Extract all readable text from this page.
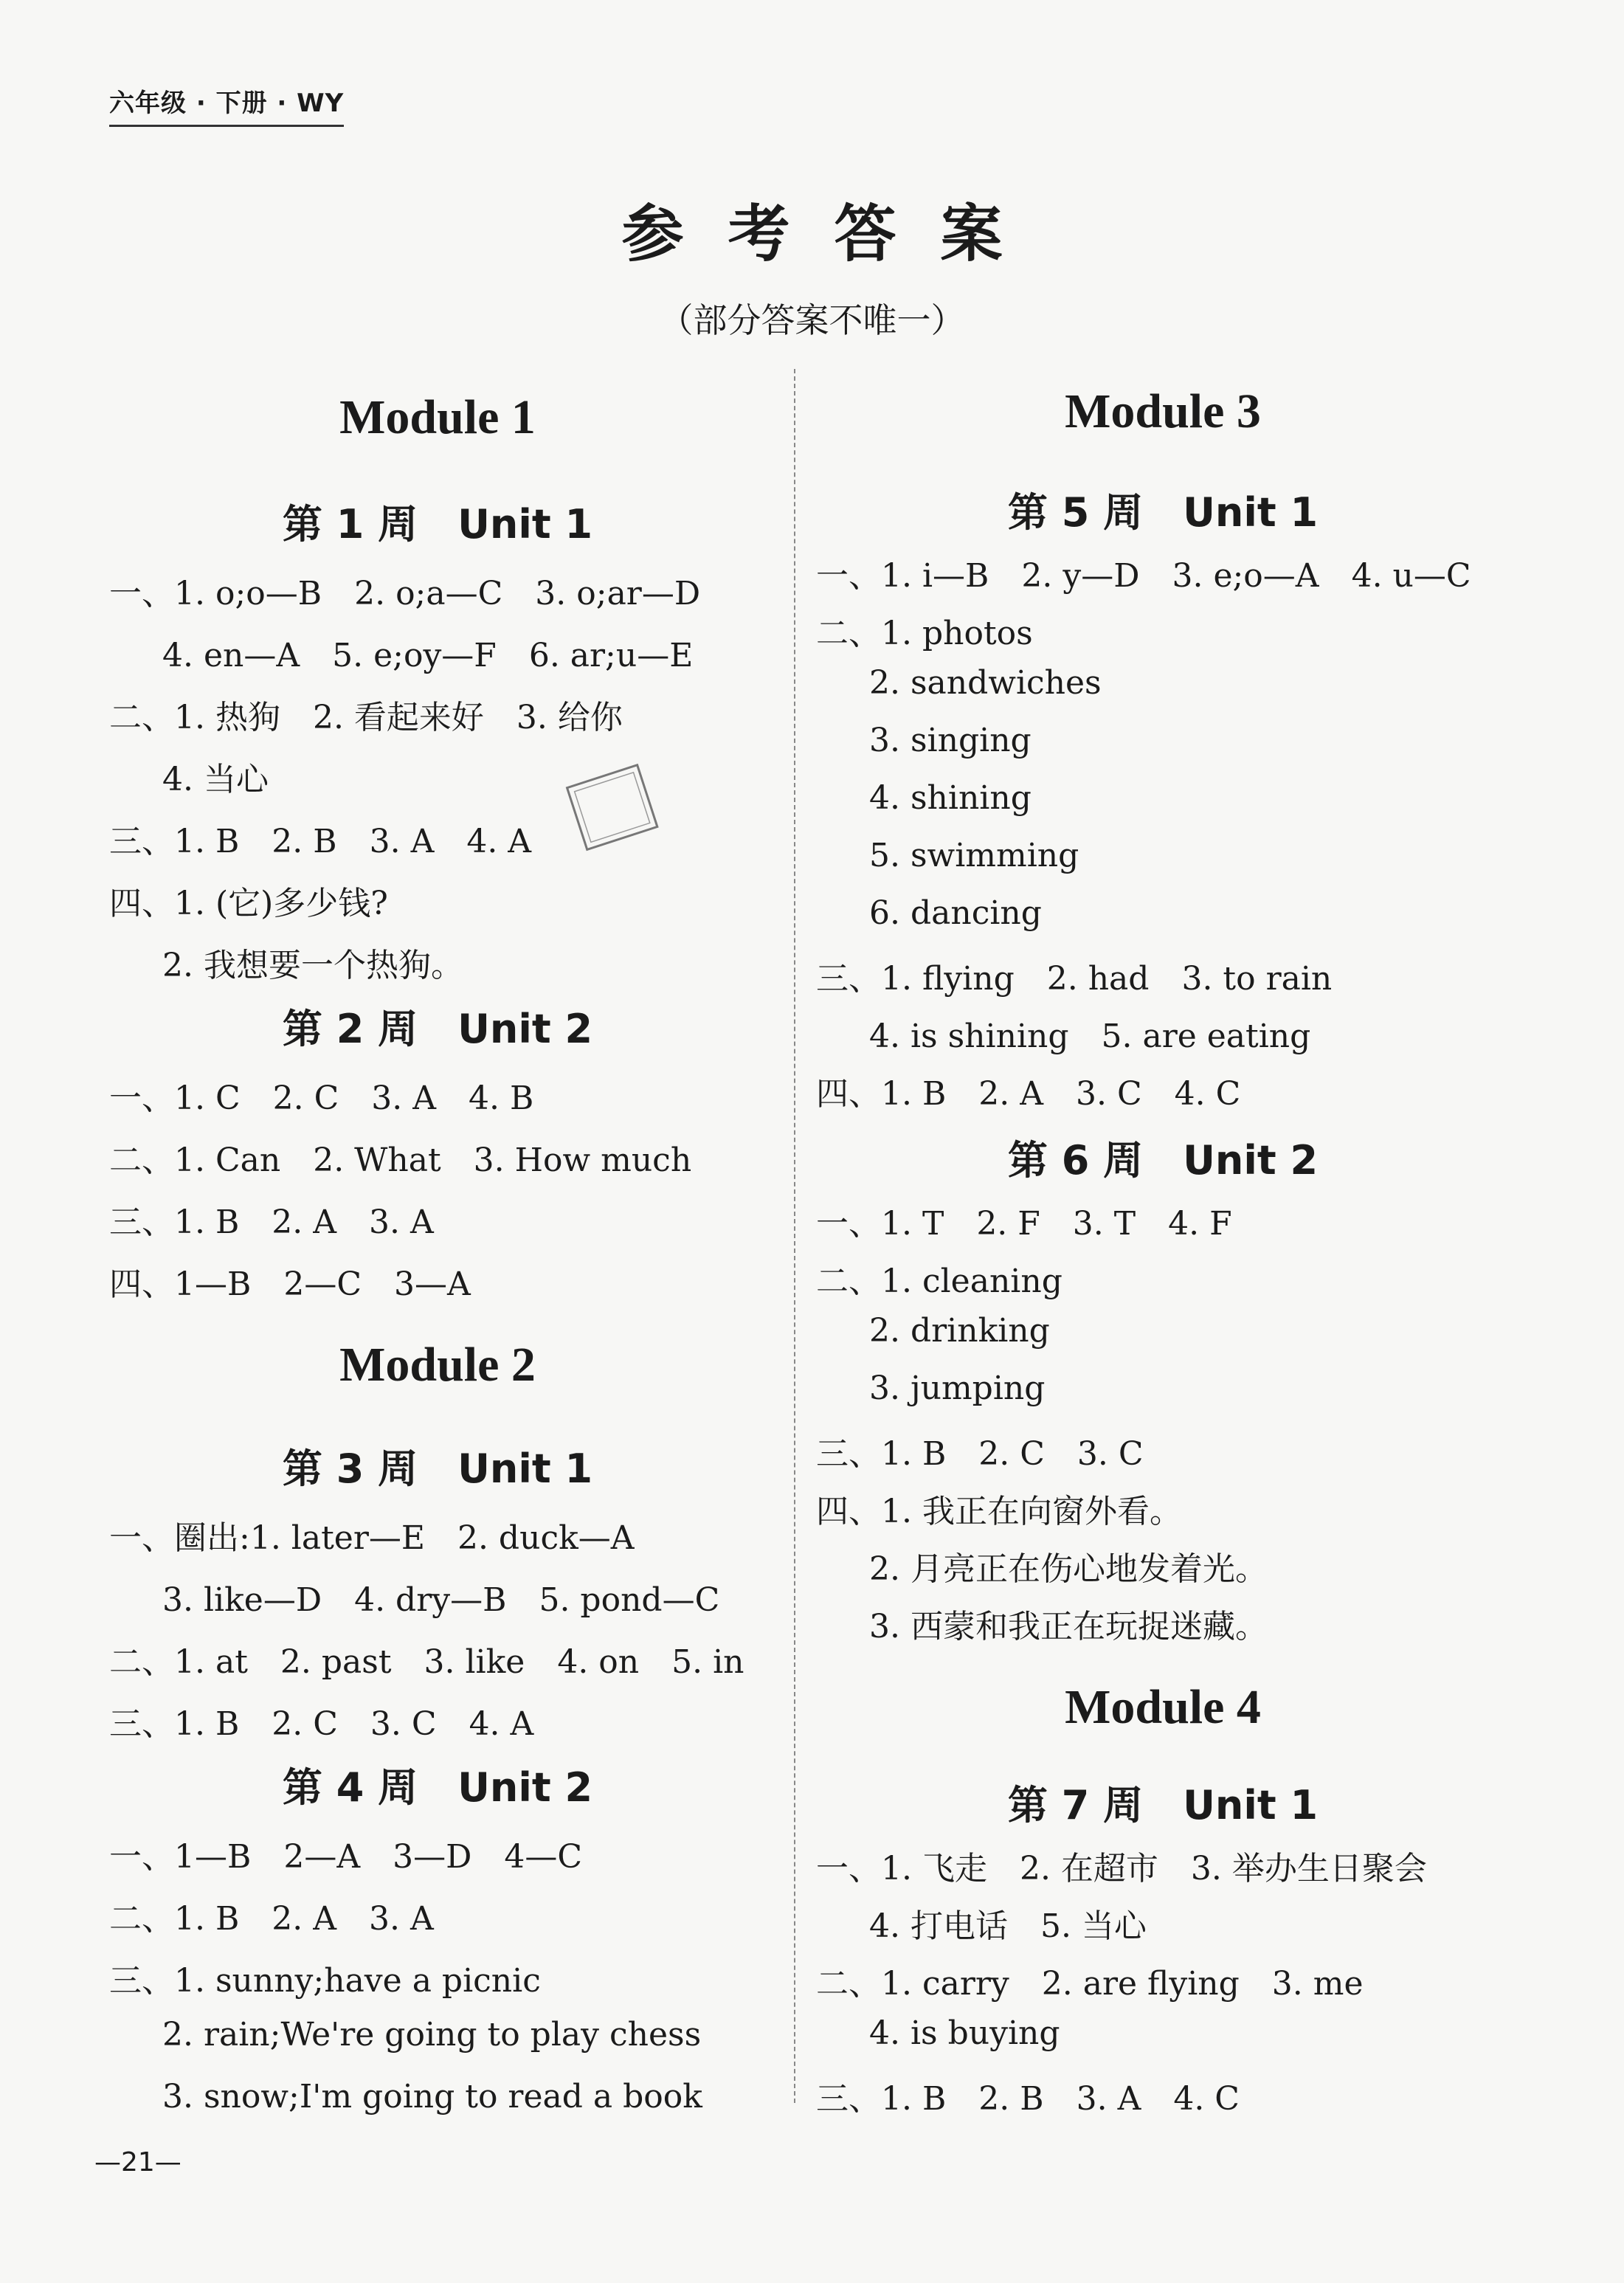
六年级 · 下册 · WY
参考答案
（部分答案不唯一）
Module 1
第 1 周　Unit 1
一、1. o;o—B　2. o;a—C　3. o;ar—D
4. en—A　5. e;oy—F　6. ar;u—E
二、1. 热狗　2. 看起来好　3. 给你
4. 当心
三、1. B　2. B　3. A　4. A
四、1. (它)多少钱?
2. 我想要一个热狗。
第 2 周　Unit 2
一、1. C　2. C　3. A　4. B
二、1. Can　2. What　3. How much
三、1. B　2. A　3. A
四、1—B　2—C　3—A
Module 2
第 3 周　Unit 1
一、圈出:1. later—E　2. duck—A
3. like—D　4. dry—B　5. pond—C
二、1. at　2. past　3. like　4. on　5. in
三、1. B　2. C　3. C　4. A
第 4 周　Unit 2
一、1—B　2—A　3—D　4—C
二、1. B　2. A　3. A
三、1. sunny;have a picnic
2. rain;We're going to play chess
3. snow;I'm going to read a book
Module 3
第 5 周　Unit 1
一、1. i—B　2. y—D　3. e;o—A　4. u—C
二、1. photos
2. sandwiches
3. singing
4. shining
5. swimming
6. dancing
三、1. flying　2. had　3. to rain
4. is shining　5. are eating
四、1. B　2. A　3. C　4. C
第 6 周　Unit 2
一、1. T　2. F　3. T　4. F
二、1. cleaning
2. drinking
3. jumping
三、1. B　2. C　3. C
四、1. 我正在向窗外看。
2. 月亮正在伤心地发着光。
3. 西蒙和我正在玩捉迷藏。
Module 4
第 7 周　Unit 1
一、1. 飞走　2. 在超市　3. 举办生日聚会
4. 打电话　5. 当心
二、1. carry　2. are flying　3. me
4. is buying
三、1. B　2. B　3. A　4. C
—21—
